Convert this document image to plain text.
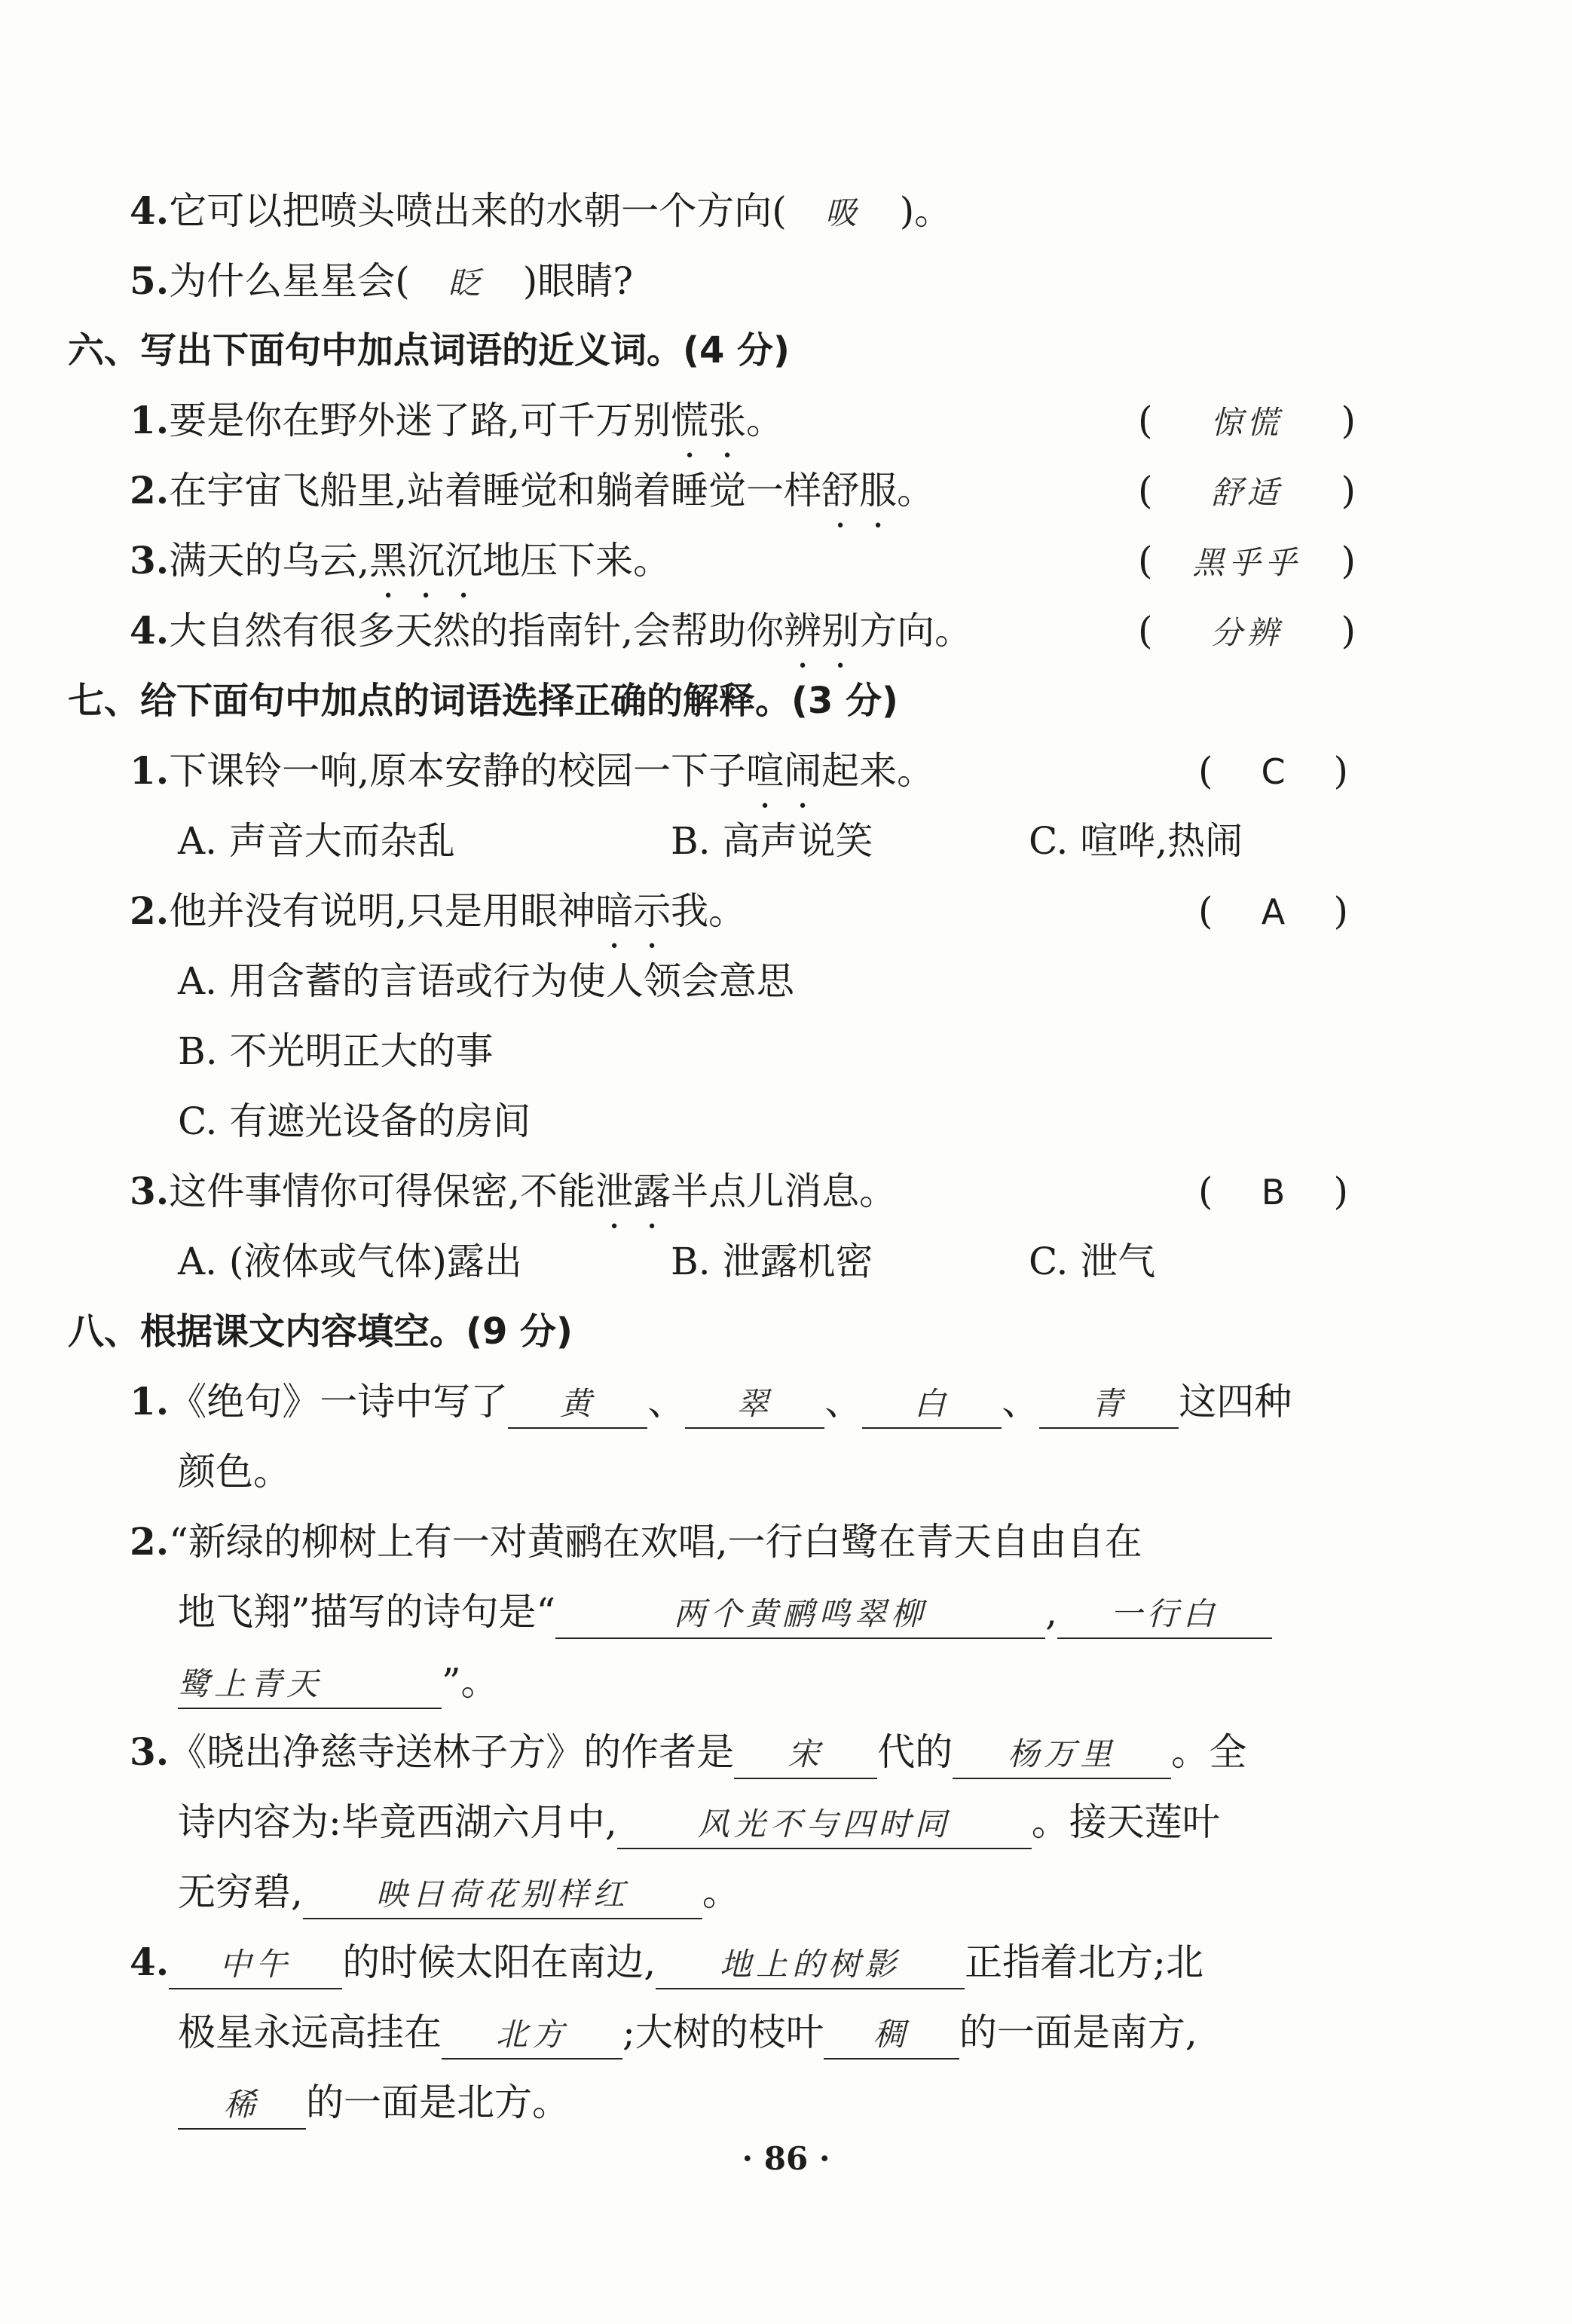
4.它可以把喷头喷出来的水朝一个方向( 吸 )。
5.为什么星星会( 眨 )眼睛?
六、写出下面句中加点词语的近义词。(4 分)
1.要是你在野外迷了路,可千万别慌张。	( 惊慌 )
2.在宇宙飞船里,站着睡觉和躺着睡觉一样舒服。	( 舒适 )
3.满天的乌云,黑沉沉地压下来。	( 黑乎乎 )
4.大自然有很多天然的指南针,会帮助你辨别方向。	( 分辨 )
七、给下面句中加点的词语选择正确的解释。(3 分)
1.下课铃一响,原本安静的校园一下子喧闹起来。	( C )
A. 声音大而杂乱	B. 高声说笑	C. 喧哗,热闹
2.他并没有说明,只是用眼神暗示我。	( A )
A. 用含蓄的言语或行为使人领会意思
B. 不光明正大的事
C. 有遮光设备的房间
3.这件事情你可得保密,不能泄露半点儿消息。	( B )
A. (液体或气体)露出	B. 泄露机密	C. 泄气
八、根据课文内容填空。(9 分)
1.《绝句》一诗中写了 黄 、 翠 、 白 、 青 这四种
颜色。
2.“新绿的柳树上有一对黄鹂在欢唱,一行白鹭在青天自由自在
地飞翔”描写的诗句是“	两个黄鹂鸣翠柳	, 一行白
鹭上青天	”。
3.《晓出净慈寺送林子方》的作者是 宋 代的 杨万里 。全
诗内容为:毕竟西湖六月中,	风光不与四时同 。接天莲叶
无穷碧, 映日荷花别样红 。
4. 中午 的时候太阳在南边, 地上的树影 正指着北方;北
极星永远高挂在 北方 ;大树的枝叶 稠 的一面是南方,
稀 的一面是北方。
· 86 ·
